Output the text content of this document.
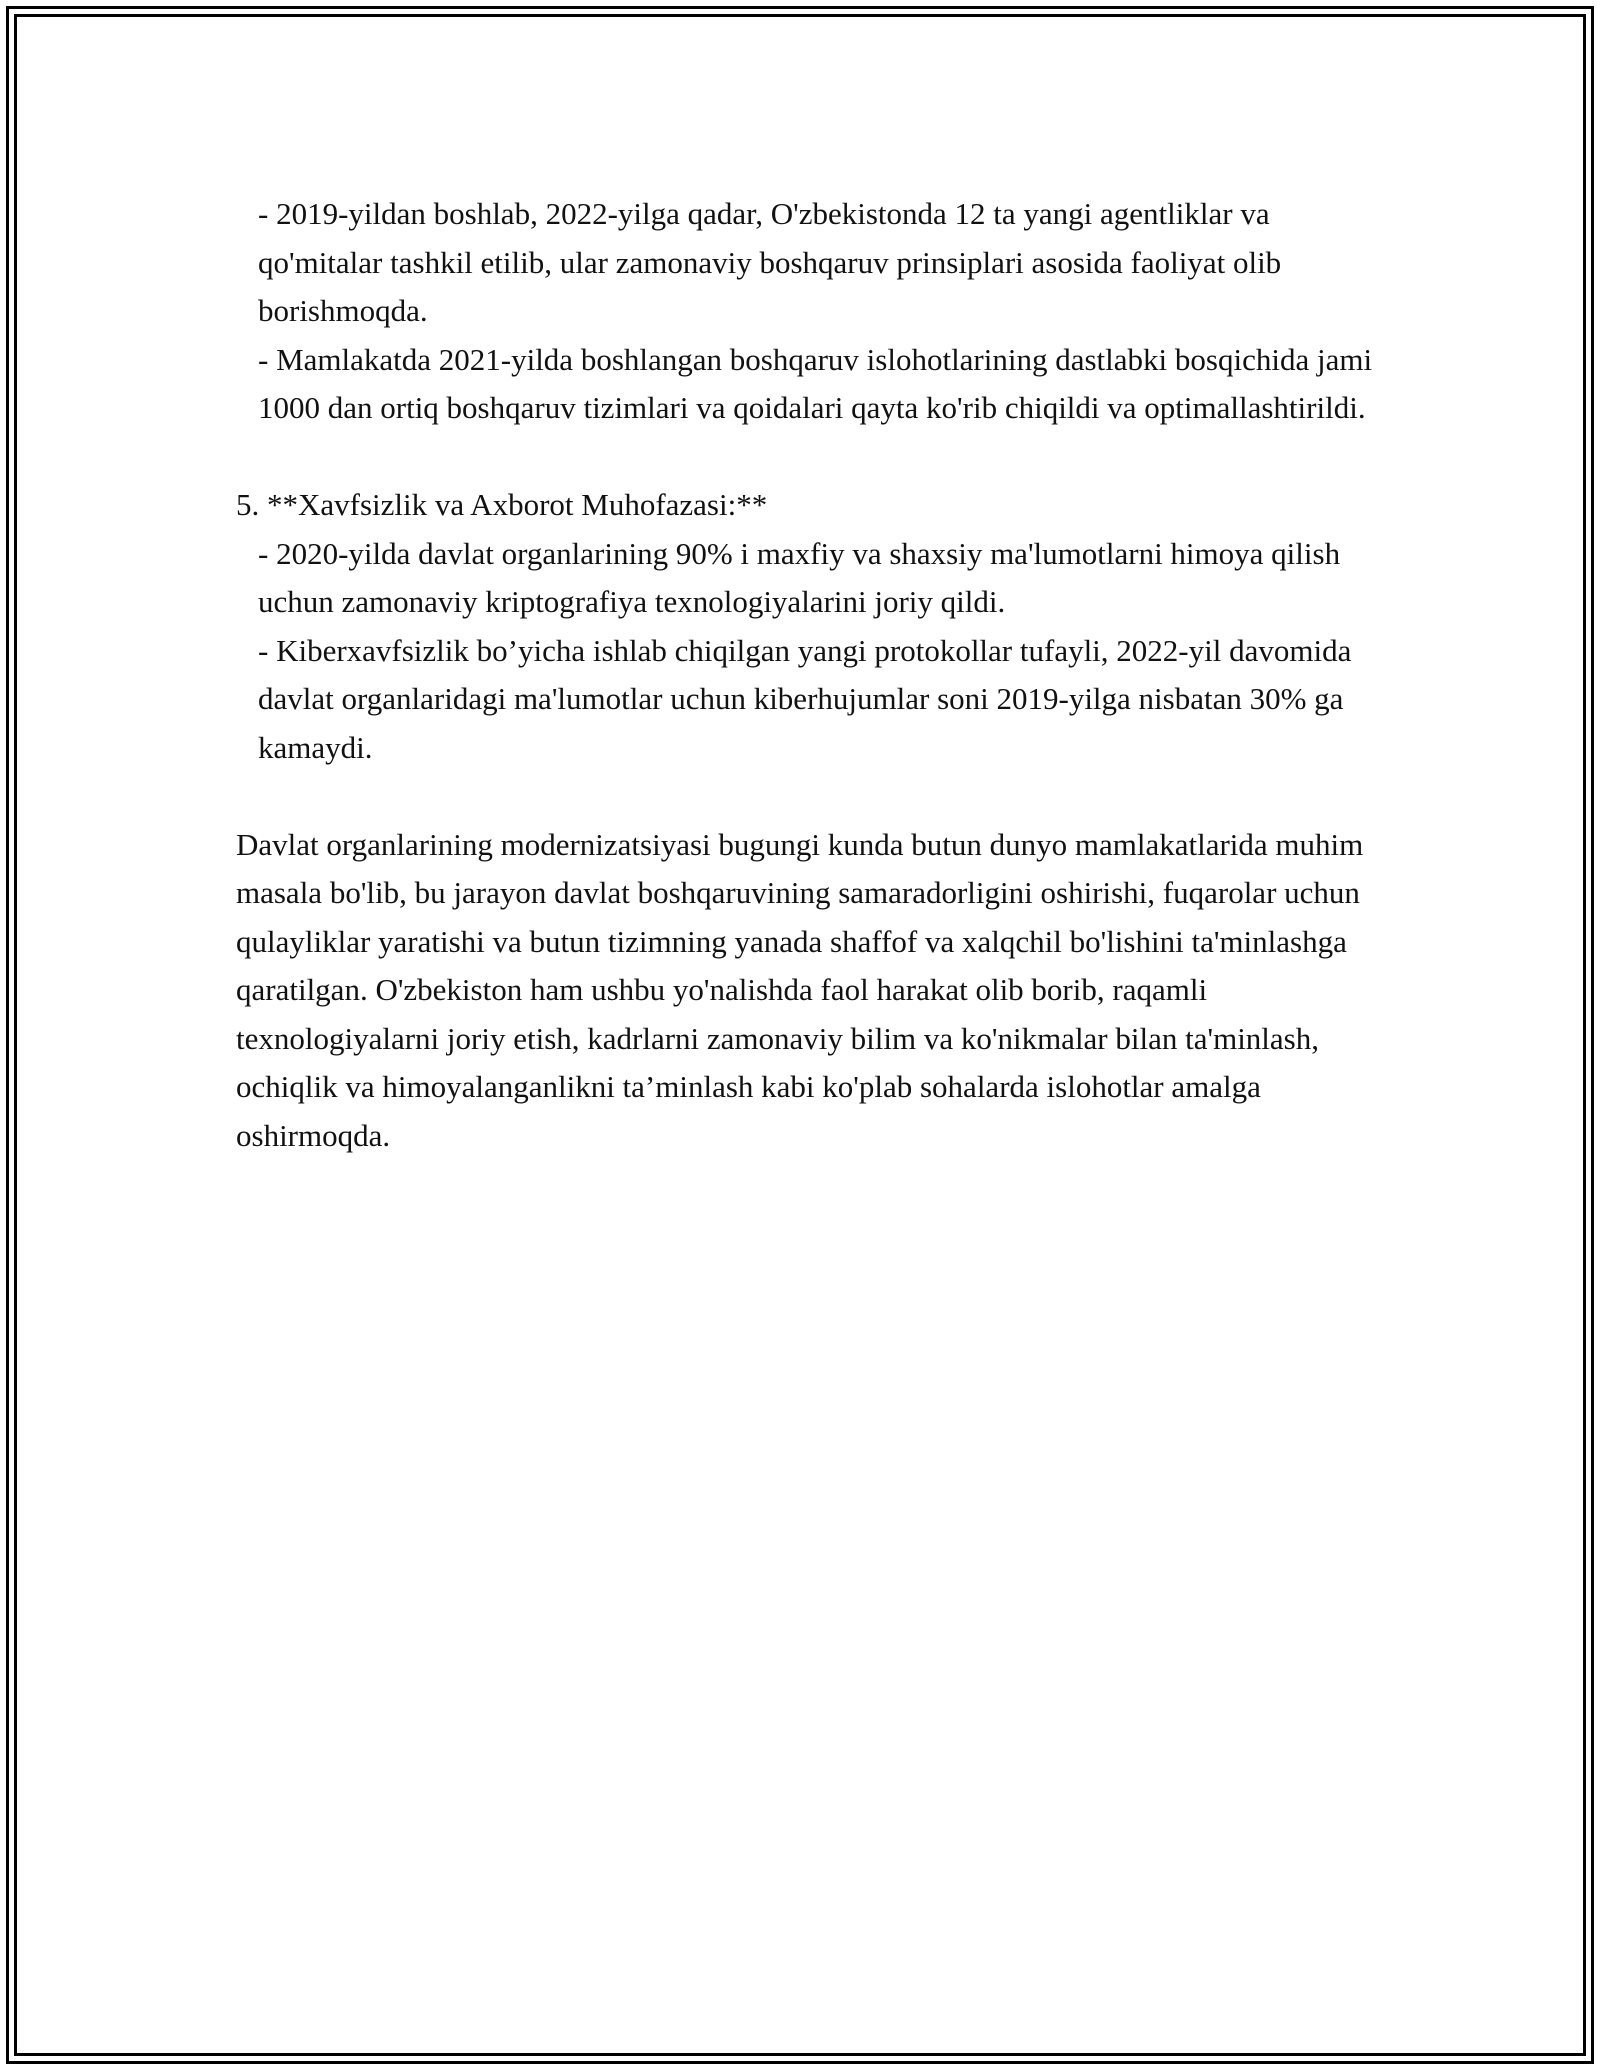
- 2019-yildan boshlab, 2022-yilga qadar, O'zbekistonda 12 ta yangi agentliklar va qo'mitalar tashkil etilib, ular zamonaviy boshqaruv prinsiplari asosida faoliyat olib borishmoqda.

- Mamlakatda 2021-yilda boshlangan boshqaruv islohotlarining dastlabki bosqichida jami 1000 dan ortiq boshqaruv tizimlari va qoidalari qayta ko'rib chiqildi va optimallashtirildi.

5. **Xavfsizlik va Axborot Muhofazasi:**

- 2020-yilda davlat organlarining 90% i maxfiy va shaxsiy ma'lumotlarni himoya qilish uchun zamonaviy kriptografiya texnologiyalarini joriy qildi.

- Kiberxavfsizlik bo’yicha ishlab chiqilgan yangi protokollar tufayli, 2022-yil davomida davlat organlaridagi ma'lumotlar uchun kiberhujumlar soni 2019-yilga nisbatan 30% ga kamaydi.

Davlat organlarining modernizatsiyasi bugungi kunda butun dunyo mamlakatlarida muhim masala bo'lib, bu jarayon davlat boshqaruvining samaradorligini oshirishi, fuqarolar uchun qulayliklar yaratishi va butun tizimning yanada shaffof va xalqchil bo'lishini ta'minlashga qaratilgan. O'zbekiston ham ushbu yo'nalishda faol harakat olib borib, raqamli texnologiyalarni joriy etish, kadrlarni zamonaviy bilim va ko'nikmalar bilan ta'minlash, ochiqlik va himoyalanganlikni ta’minlash kabi ko'plab sohalarda islohotlar amalga oshirmoqda.
